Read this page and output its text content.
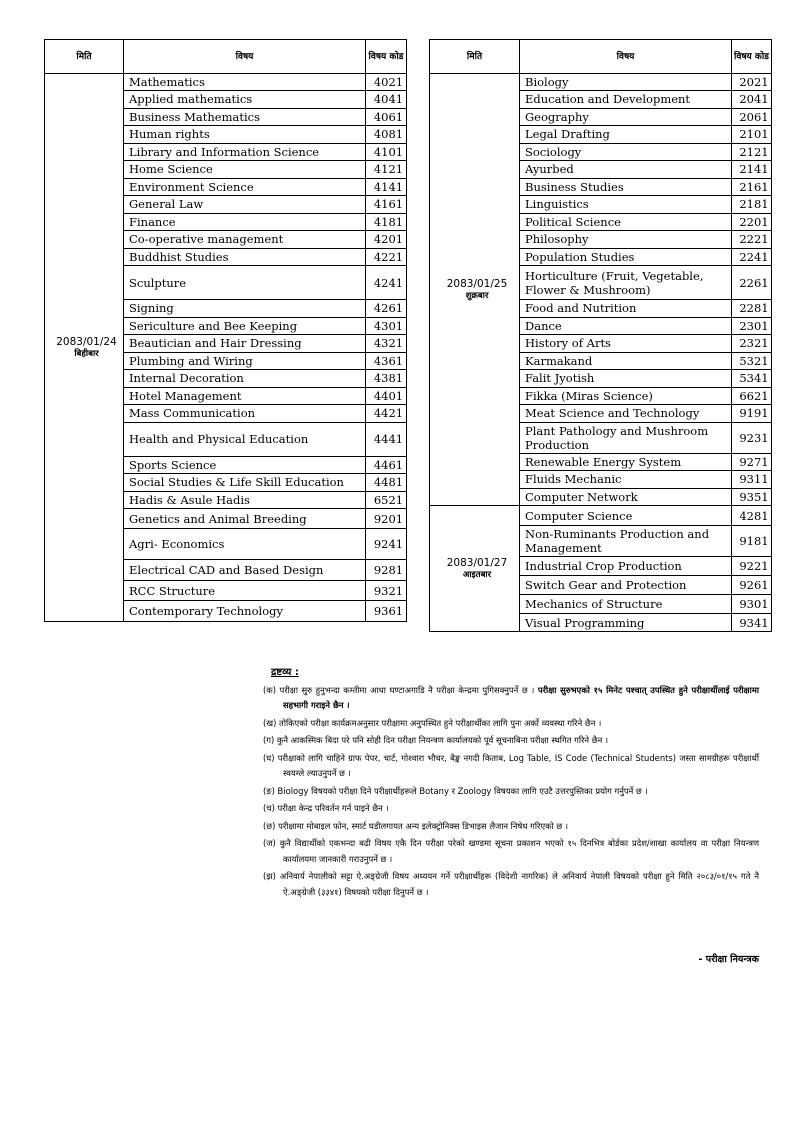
मिति	विषय	विषय कोड

2083/01/24
बिहीबार	Mathematics	4021
	Applied mathematics	4041
	Business Mathematics	4061
	Human rights	4081
	Library and Information Science	4101
	Home Science	4121
	Environment Science	4141
	General Law	4161
	Finance	4181
	Co-operative management	4201
	Buddhist Studies	4221
	Sculpture	4241
	Signing	4261
	Sericulture and Bee Keeping	4301
	Beautician and Hair Dressing	4321
	Plumbing and Wiring	4361
	Internal Decoration	4381
	Hotel Management	4401
	Mass Communication	4421
	Health and Physical Education	4441
	Sports Science	4461
	Social Studies & Life Skill Education	4481
	Hadis & Asule Hadis	6521
	Genetics and Animal Breeding	9201
	Agri- Economics	9241
	Electrical CAD and Based Design	9281
	RCC Structure	9321
	Contemporary Technology	9361
मिति	विषय	विषय कोड

2083/01/25
शुक्रबार	Biology	2021
	Education and Development	2041
	Geography	2061
	Legal Drafting	2101
	Sociology	2121
	Ayurbed	2141
	Business Studies	2161
	Linguistics	2181
	Political Science	2201
	Philosophy	2221
	Population Studies	2241
	Horticulture (Fruit, Vegetable, Flower & Mushroom)	2261
	Food and Nutrition	2281
	Dance	2301
	History of Arts	2321
	Karmakand	5321
	Falit Jyotish	5341
	Fikka (Miras Science)	6621
	Meat Science and Technology	9191
	Plant Pathology and Mushroom Production	9231
	Renewable Energy System	9271
	Fluids Mechanic	9311
	Computer Network	9351

2083/01/27
आइतबार	Computer Science	4281
	Non-Ruminants Production and Management	9181
	Industrial Crop Production	9221
	Switch Gear and Protection	9261
	Mechanics of Structure	9301
	Visual Programming	9341
द्रष्टव्य :
(क) परीक्षा सुरु हुनुभन्दा कम्तीमा आधा घण्टाअगाडि नै परीक्षा केन्द्रमा पुगिसक्नुपर्ने छ । परीक्षा सुरुभएको १५ मिनेट पश्चात् उपस्थित हुने परीक्षार्थीलाई परीक्षामा सहभागी गराइने छैन ।
(ख) तोकिएको परीक्षा कार्यक्रमअनुसार परीक्षामा अनुपस्थित हुने परीक्षार्थीका लागि पुनः अर्को व्यवस्था गरिने छैन ।
(ग) कुनै आकस्मिक बिदा परे पनि सोही दिन परीक्षा नियन्त्रण कार्यालयको पूर्व सूचनाबिना परीक्षा स्थगित गरिने छैन ।
(घ) परीक्षाको लागि चाहिने ग्राफ पेपर, चार्ट, गोश्वारा भौचर, बैङ्क नगदी किताब, Log Table, IS Code (Technical Students) जस्ता सामग्रीहरू परीक्षार्थी स्वयम्ले ल्याउनुपर्ने छ ।
(ङ) Biology विषयको परीक्षा दिने परीक्षार्थीहरूले Botany र Zoology विषयका लागि एउटै उत्तरपुस्तिका प्रयोग गर्नुपर्ने छ ।
(च) परीक्षा केन्द्र परिवर्तन गर्न पाइने छैन ।
(छ) परीक्षामा मोबाइल फोन, स्मार्ट घडीलगायत अन्य इलेक्ट्रोनिक्स डिभाइस लैजान निषेध गरिएको छ ।
(ज) कुनै विद्यार्थीको एकभन्दा बढी विषय एकै दिन परीक्षा परेको खण्डमा सूचना प्रकाशन भएको १५ दिनभित्र बोर्डका प्रदेश/शाखा कार्यालय वा परीक्षा नियन्त्रण कार्यालयमा जानकारी गराउनुपर्ने छ ।
(झ) अनिवार्य नेपालीको सट्टा ऐ.अङ्ग्रेजी विषय अध्ययन गर्ने परीक्षार्थीहरू (विदेशी नागरिक) ले अनिवार्य नेपाली विषयको परीक्षा हुने मिति २०८३/०१/१५ गते नै ऐ.अङ्ग्रेजी (३३४१) विषयको परीक्षा दिनुपर्ने छ ।
- परीक्षा नियन्त्रक
